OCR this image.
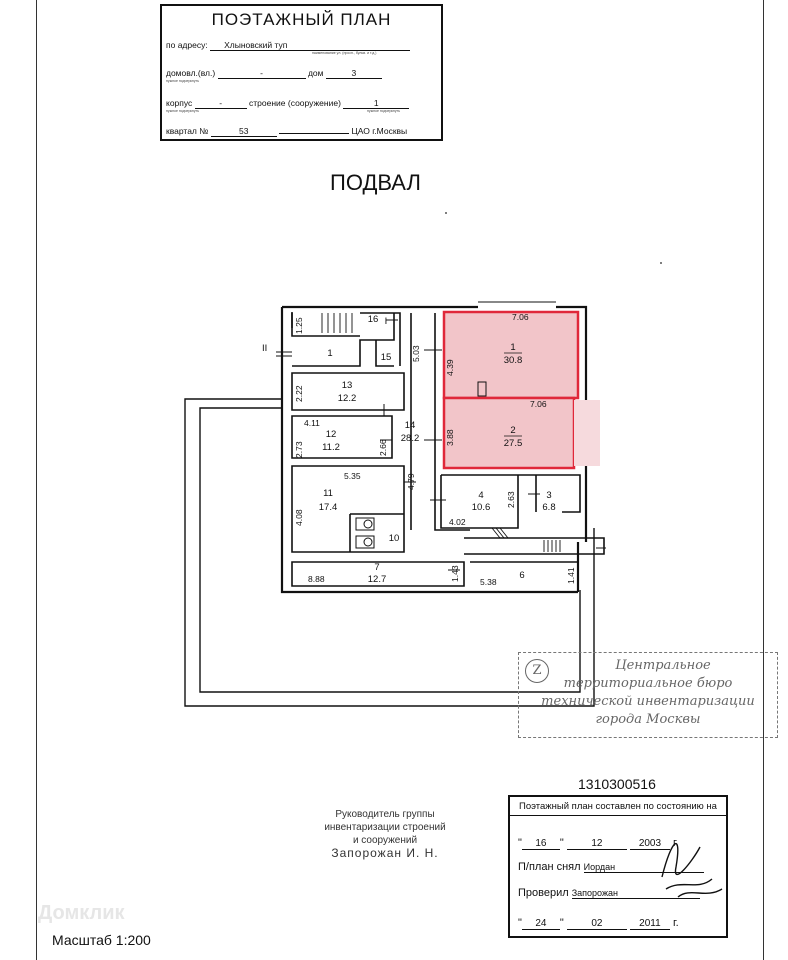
ПОЭТАЖНЫЙ ПЛАН
по адресу: Хлыновский туп
наименование ул. (просп., бульв. и т.д.)
домовл.(вл.)	-	дом	3
нужное подчеркнуть
корпус	-	строение (сооружение)	1
нужное подчеркнуть	нужное подчеркнуть
квартал №	53	ЦАО г.Москвы
ПОДВАЛ
1
30.8
2
27.5
3
6.8
4
10.6
6
7
12.7
10
11
17.4
12
11.2
13
12.2
14
28.2
15
16
1
I
II
7.06
7.06
4.39
3.88
5.03
1.25
2.22
4.11
2.73	2.66
5.35	4.79
4.08
2.63
4.02
8.88	1.43 5.38	1.41
Z	Центральное
территориальное бюро
технической инвентаризации
города Москвы
Руководитель группы
инвентаризации строений
и сооружений
Запорожан И. Н.
1310300516
Поэтажный план составлен по состоянию на
" 16 " 12	2003 г.
П/план снял Иордан
Проверил Запорожан
" 24 " 02	2011 г.
Домклик
Масштаб 1:200
